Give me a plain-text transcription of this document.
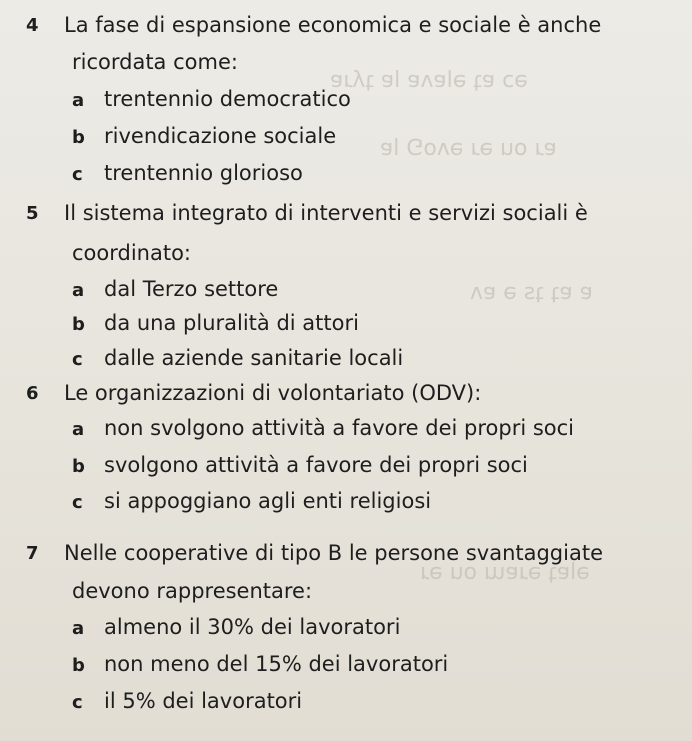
ǝɔ ɐʇ ǝlɐʌɐ lɐ ʇʎɹɐ
ɐɹ ou ǝɹ ǝʌo⅁ lɐ
ɐ ɐʇ ʇs ǝ ɐʌ
ǝlɐʇ ǝɹɐɯ ou ǝɹ
4 La fase di espansione economica e sociale è anche
ricordata come:
a trentennio democratico
b rivendicazione sociale
c trentennio glorioso
5 Il sistema integrato di interventi e servizi sociali è
coordinato:
a dal Terzo settore
b da una pluralità di attori
c dalle aziende sanitarie locali
6 Le organizzazioni di volontariato (ODV):
a non svolgono attività a favore dei propri soci
b svolgono attività a favore dei propri soci
c si appoggiano agli enti religiosi
7 Nelle cooperative di tipo B le persone svantaggiate
devono rappresentare:
a almeno il 30% dei lavoratori
b non meno del 15% dei lavoratori
c il 5% dei lavoratori
